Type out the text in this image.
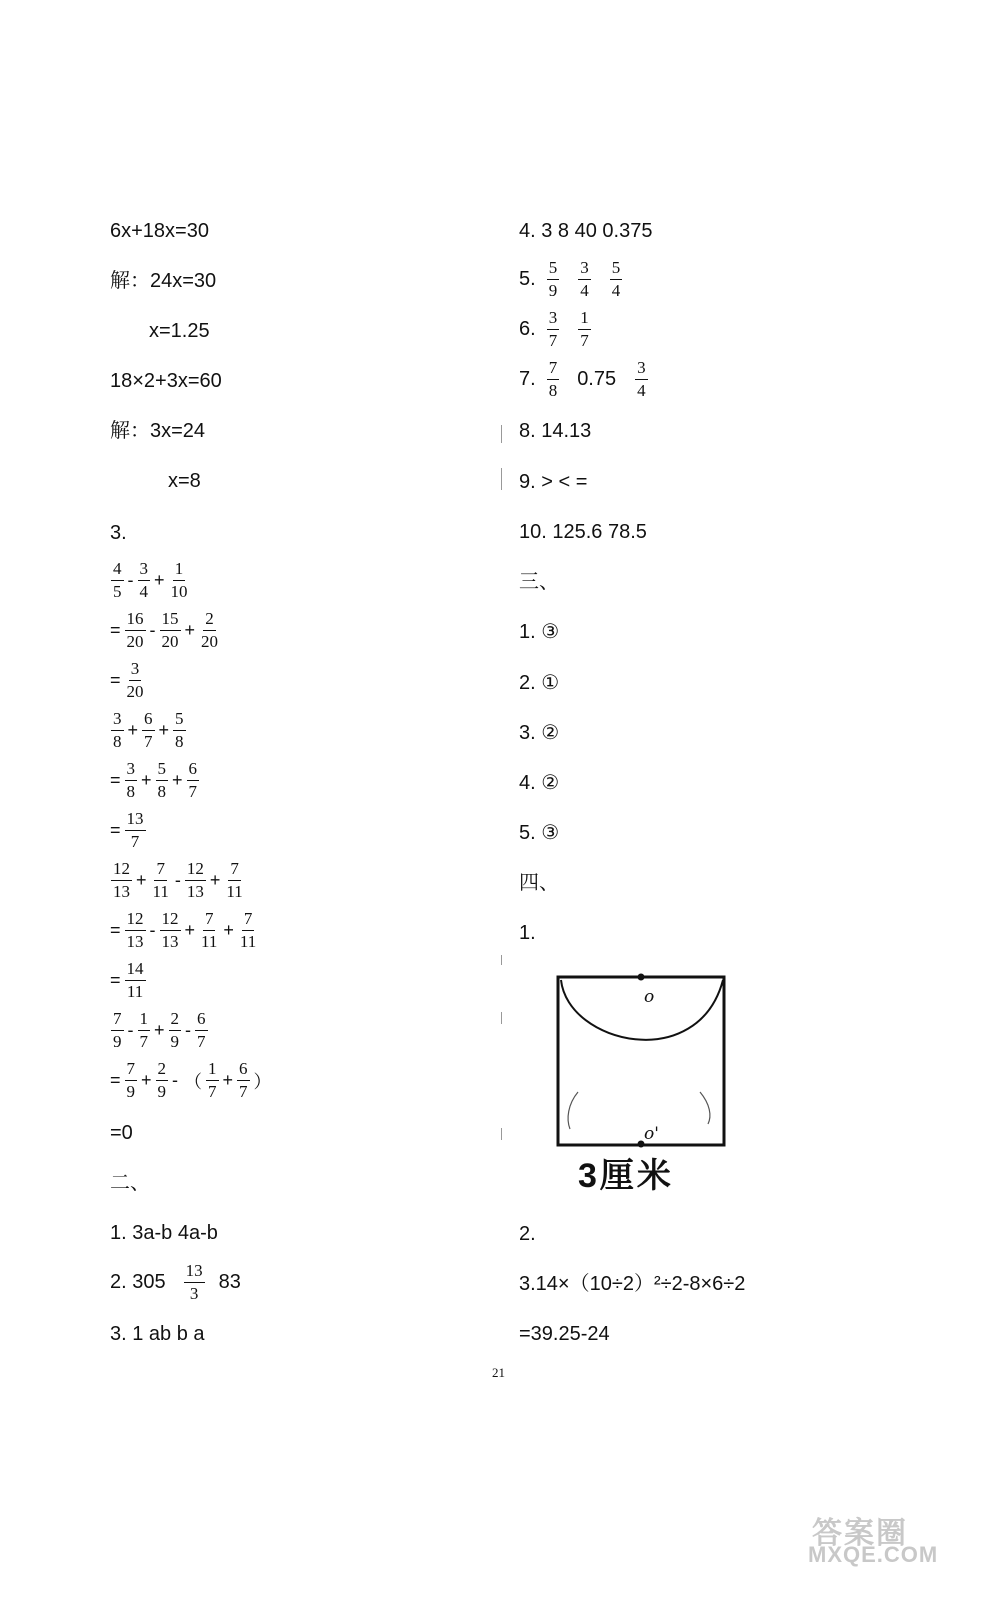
6x+18x=30
解：24x=30
x=1.25
18×2+3x=60
解：3x=24
x=8
3.
$\frac{4}{5} - \frac{3}{4} + \frac{1}{10}$
= $\frac{16}{20} - \frac{15}{20} + \frac{2}{20}$
= $\frac{3}{20}$
$\frac{3}{8} + \frac{6}{7} + \frac{5}{8}$
= $\frac{3}{8} + \frac{5}{8} + \frac{6}{7}$
= $\frac{13}{7}$
$\frac{12}{13} + \frac{7}{11} - \frac{12}{13} + \frac{7}{11}$
= $\frac{12}{13} - \frac{12}{13} + \frac{7}{11} + \frac{7}{11}$
= $\frac{14}{11}$
$\frac{7}{9} - \frac{1}{7} + \frac{2}{9} - \frac{6}{7}$
= $\frac{7}{9} + \frac{2}{9}$ - （ $\frac{1}{7} + \frac{6}{7}$ ）
=0
二、
1. 3a-b 4a-b
2. $305 \frac{13}{3} 83$
3. 1 ab b a
4. 3 8 40 0.375
5. $\frac{5}{9} \frac{3}{4} \frac{5}{4}$
6. $\frac{3}{7} \frac{1}{7}$
7. $\frac{7}{8} 0.75 \frac{3}{4}$
8. 14.13
9. > < =
10. 125.6 78.5
三、
1. ③
2. ①
3. ②
4. ②
5. ③
四、
1.
o
o'
3厘米
2.
3.14×（10÷2）²÷2-8×6÷2
=39.25-24
21
答案圈
MXQE.COM
